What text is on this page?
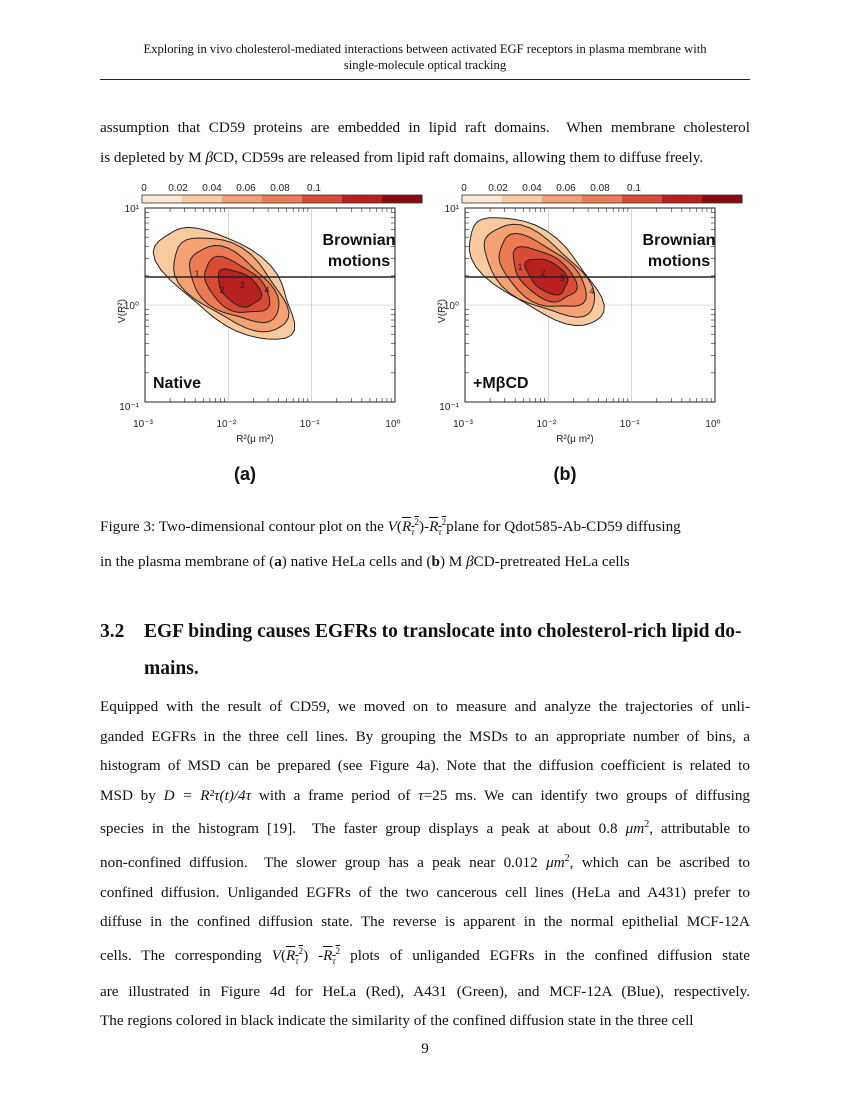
Exploring in vivo cholesterol-mediated interactions between activated EGF receptors in plasma membrane with
single-molecule optical tracking
assumption that CD59 proteins are embedded in lipid raft domains.  When membrane cholesterol
is depleted by M βCD, CD59s are released from lipid raft domains, allowing them to diffuse freely.
0 0.02 0.04 0.06 0.08 0.1
1
2 3 4
Brownian
motions
Native
10¹
10⁰
10⁻¹
10⁻³	10⁻²	10⁻¹	10⁰
V(R²)
R²(μ m²)
(a)
0 0.02 0.04 0.06 0.08 0.1
1
2 3
4
Brownian
motions
+MβCD
10¹
10⁰
10⁻¹
10⁻³	10⁻²	10⁻¹	10⁰
V(R²)
R²(μ m²)
(b)
Figure 3: Two-dimensional contour plot on the $V(R_\tau^2)-R_\tau^2plane$ for Qdot585-Ab-CD59 diffusing
in the plasma membrane of (a) native HeLa cells and (b) M βCD-pretreated HeLa cells
3.2 EGF binding causes EGFRs to translocate into cholesterol-rich lipid do-
mains.
Equipped with the result of CD59, we moved on to measure and analyze the trajectories of unli-
ganded EGFRs in the three cell lines. By grouping the MSDs to an appropriate number of bins, a
histogram of MSD can be prepared (see Figure 4a). Note that the diffusion coefficient is related to
MSD by D = R²τ(t)/4τ with a frame period of τ=25 ms. We can identify two groups of diffusing
species in the histogram [19].  The faster group displays a peak at about 0.8 $\mu m^2$, attributable to
non-confined diffusion.  The slower group has a peak near 0.012 $\mu m^2$, which can be ascribed to
confined diffusion. Unliganded EGFRs of the two cancerous cell lines (HeLa and A431) prefer to
diffuse in the confined diffusion state. The reverse is apparent in the normal epithelial MCF-12A
cells. The corresponding $V(R_\tau^2)$ $-R_\tau^2$ plots of unliganded EGFRs in the confined diffusion state
are illustrated in Figure 4d for HeLa (Red), A431 (Green), and MCF-12A (Blue), respectively.
The regions colored in black indicate the similarity of the confined diffusion state in the three cell
9
